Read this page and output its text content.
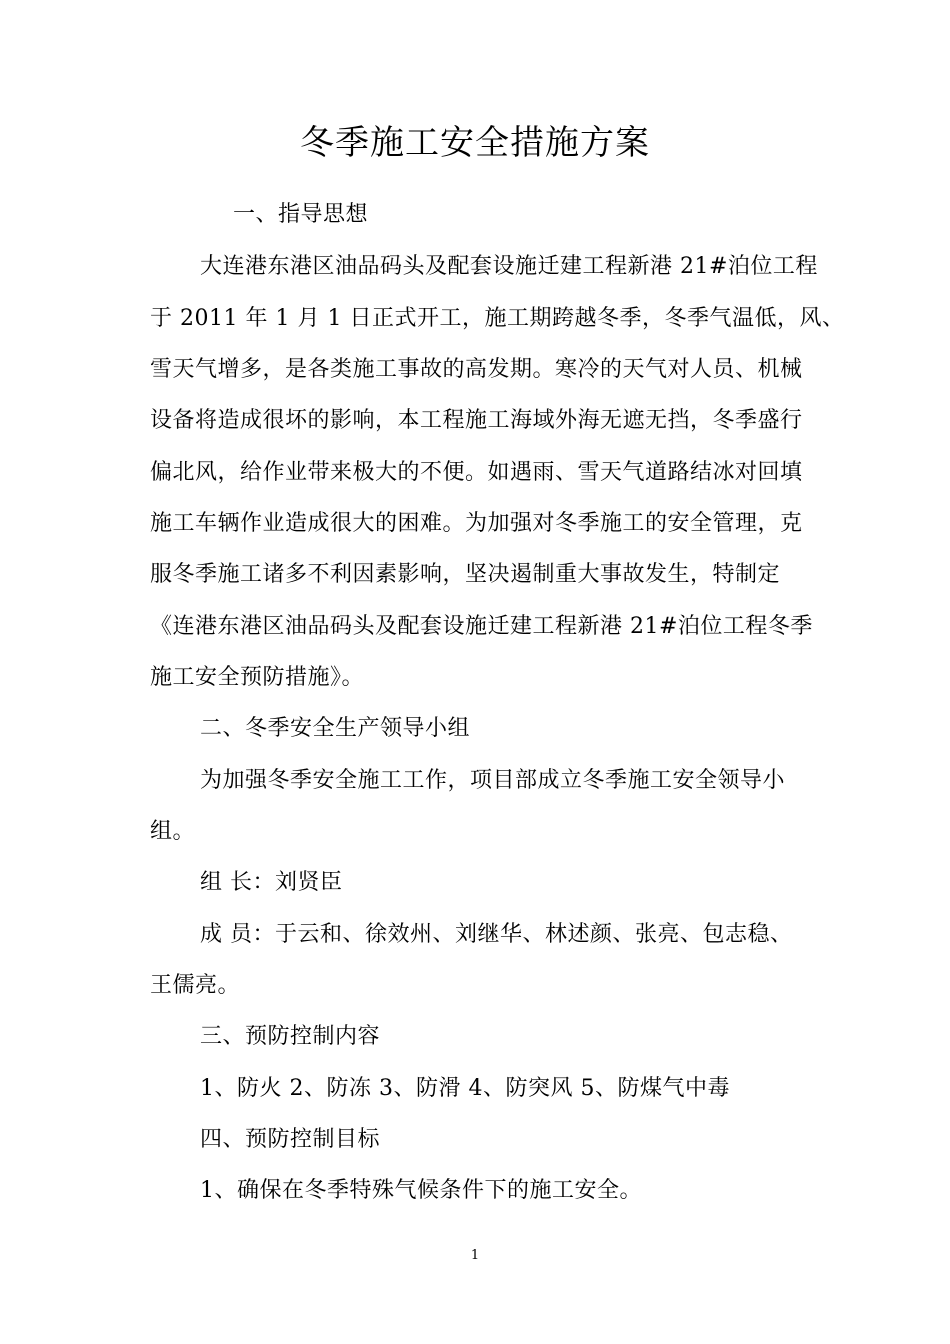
冬季施工安全措施方案
一、指导思想
大连港东港区油品码头及配套设施迁建工程新港 21#泊位工程
于 2011 年 1 月 1 日正式开工，施工期跨越冬季，冬季气温低，风、
雪天气增多，是各类施工事故的高发期。寒冷的天气对人员、机械
设备将造成很坏的影响，本工程施工海域外海无遮无挡，冬季盛行
偏北风，给作业带来极大的不便。如遇雨、雪天气道路结冰对回填
施工车辆作业造成很大的困难。为加强对冬季施工的安全管理，克
服冬季施工诸多不利因素影响，坚决遏制重大事故发生，特制定
《连港东港区油品码头及配套设施迁建工程新港 21#泊位工程冬季
施工安全预防措施》。
二、冬季安全生产领导小组
为加强冬季安全施工工作，项目部成立冬季施工安全领导小
组。
组 长：刘贤臣
成 员：于云和、徐效州、刘继华、林述颜、张亮、包志稳、
王儒亮。
三、预防控制内容
1、防火 2、防冻 3、防滑 4、防突风 5、防煤气中毒
四、预防控制目标
1、确保在冬季特殊气候条件下的施工安全。
1
